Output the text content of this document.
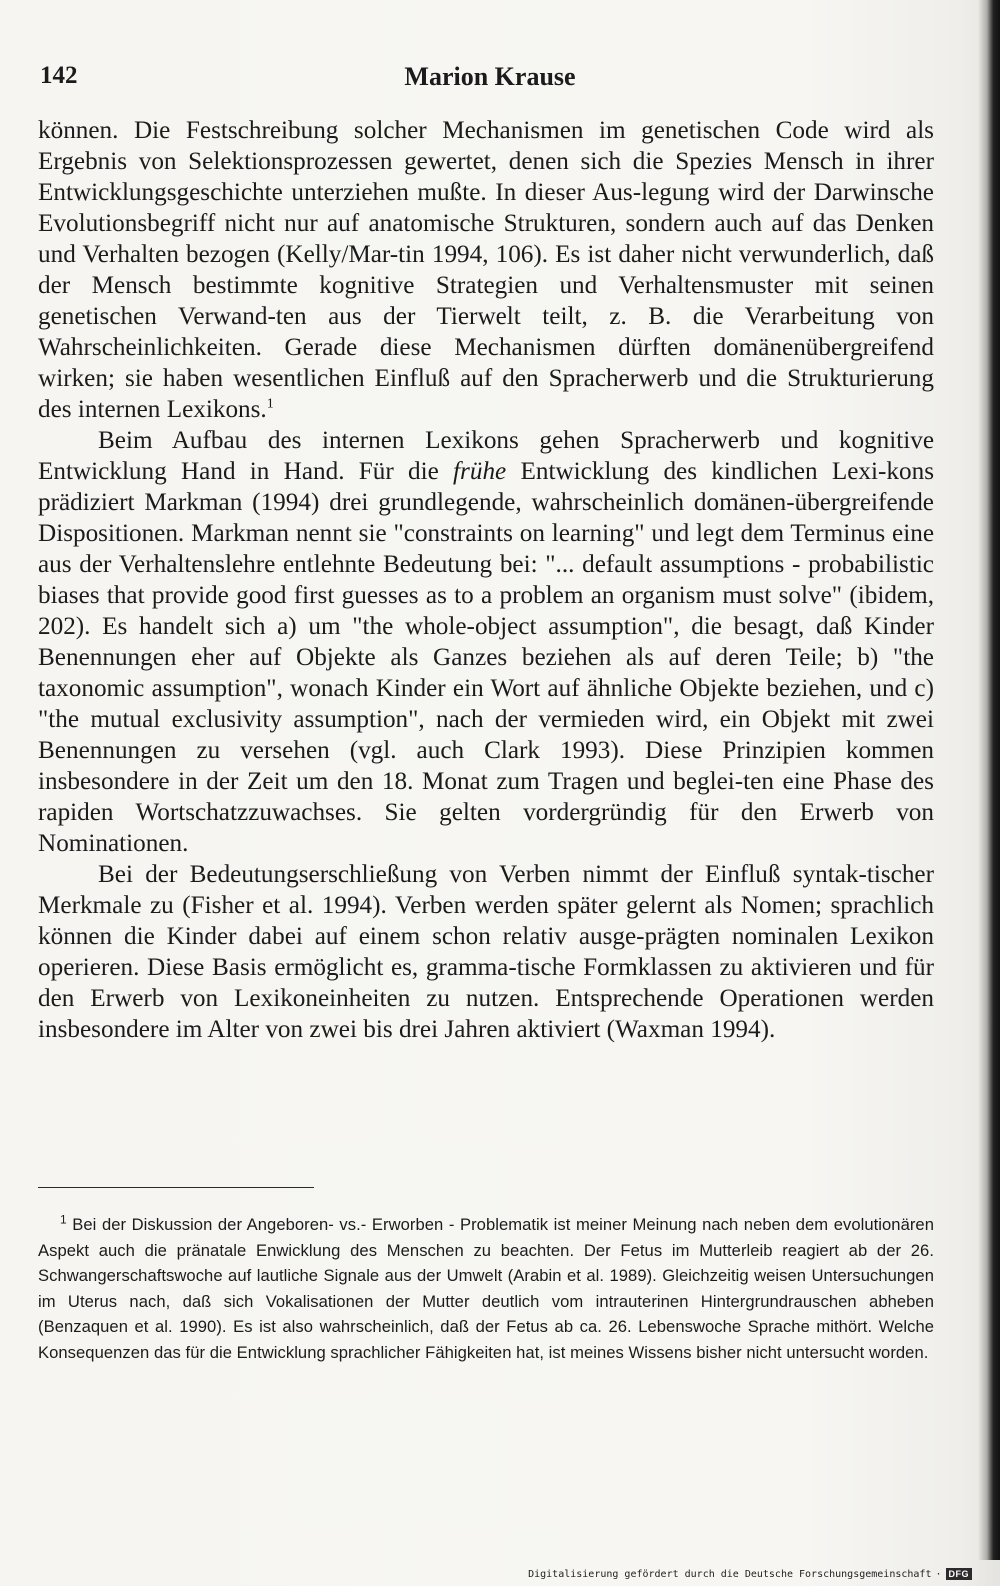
142	Marion Krause

können. Die Festschreibung solcher Mechanismen im genetischen Code wird als Ergebnis von Selektionsprozessen gewertet, denen sich die Spezies Mensch in ihrer Entwicklungsgeschichte unterziehen mußte. In dieser Aus-legung wird der Darwinsche Evolutionsbegriff nicht nur auf anatomische Strukturen, sondern auch auf das Denken und Verhalten bezogen (Kelly/Mar-tin 1994, 106). Es ist daher nicht verwunderlich, daß der Mensch bestimmte kognitive Strategien und Verhaltensmuster mit seinen genetischen Verwand-ten aus der Tierwelt teilt, z. B. die Verarbeitung von Wahrscheinlichkeiten. Gerade diese Mechanismen dürften domänenübergreifend wirken; sie haben wesentlichen Einfluß auf den Spracherwerb und die Strukturierung des internen Lexikons.$^1$

Beim Aufbau des internen Lexikons gehen Spracherwerb und kognitive Entwicklung Hand in Hand. Für die frühe Entwicklung des kindlichen Lexi-kons prädiziert Markman (1994) drei grundlegende, wahrscheinlich domänen-übergreifende Dispositionen. Markman nennt sie "constraints on learning" und legt dem Terminus eine aus der Verhaltenslehre entlehnte Bedeutung bei: "... default assumptions - probabilistic biases that provide good first guesses as to a problem an organism must solve" (ibidem, 202). Es handelt sich a) um "the whole-object assumption", die besagt, daß Kinder Benennungen eher auf Objekte als Ganzes beziehen als auf deren Teile; b) "the taxonomic assumption", wonach Kinder ein Wort auf ähnliche Objekte beziehen, und c) "the mutual exclusivity assumption", nach der vermieden wird, ein Objekt mit zwei Benennungen zu versehen (vgl. auch Clark 1993). Diese Prinzipien kommen insbesondere in der Zeit um den 18. Monat zum Tragen und beglei-ten eine Phase des rapiden Wortschatzzuwachses. Sie gelten vordergründig für den Erwerb von Nominationen.

Bei der Bedeutungserschließung von Verben nimmt der Einfluß syntak-tischer Merkmale zu (Fisher et al. 1994). Verben werden später gelernt als Nomen; sprachlich können die Kinder dabei auf einem schon relativ ausge-prägten nominalen Lexikon operieren. Diese Basis ermöglicht es, gramma-tische Formklassen zu aktivieren und für den Erwerb von Lexikoneinheiten zu nutzen. Entsprechende Operationen werden insbesondere im Alter von zwei bis drei Jahren aktiviert (Waxman 1994).

$^1$ Bei der Diskussion der Angeboren- vs.- Erworben - Problematik ist meiner Meinung nach neben dem evolutionären Aspekt auch die pränatale Enwicklung des Menschen zu beachten. Der Fetus im Mutterleib reagiert ab der 26. Schwangerschaftswoche auf lautliche Signale aus der Umwelt (Arabin et al. 1989). Gleichzeitig weisen Untersuchungen im Uterus nach, daß sich Vokalisationen der Mutter deutlich vom intrauterinen Hintergrundrauschen abheben (Benzaquen et al. 1990). Es ist also wahrscheinlich, daß der Fetus ab ca. 26. Lebenswoche Sprache mithört. Welche Konsequenzen das für die Entwicklung sprachlicher Fähigkeiten hat, ist meines Wissens bisher nicht untersucht worden.
Digitalisierung gefördert durch die Deutsche Forschungsgemeinschaft · DFG
